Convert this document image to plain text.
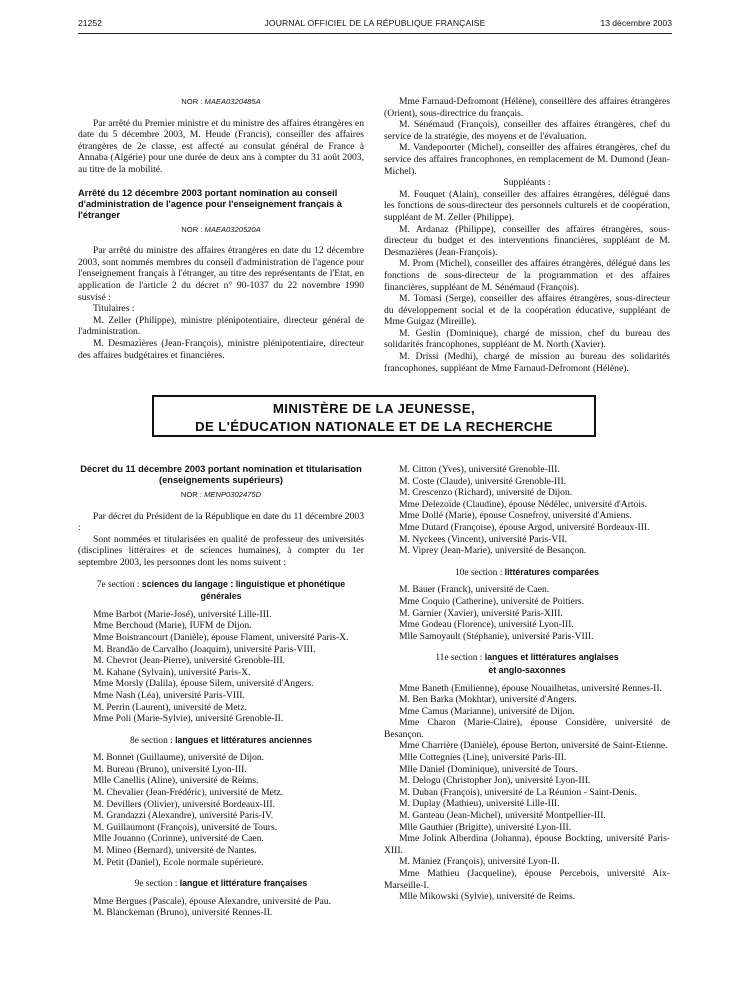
21252	JOURNAL OFFICIEL DE LA RÉPUBLIQUE FRANÇAISE	13 décembre 2003

NOR : MAEA0320485A

Par arrêté du Premier ministre et du ministre des affaires étrangères en date du 5 décembre 2003, M. Heude (Francis), conseiller des affaires étrangères de 2e classe, est affecté au consulat général de France à Annaba (Algérie) pour une durée de deux ans à compter du 31 août 2003, au titre de la mobilité.

Arrêté du 12 décembre 2003 portant nomination au conseil d'administration de l'agence pour l'enseignement français à l'étranger

NOR : MAEA0320520A

Par arrêté du ministre des affaires étrangères en date du 12 décembre 2003, sont nommés membres du conseil d'administration de l'agence pour l'enseignement français à l'étranger, au titre des représentants de l'Etat, en application de l'article 2 du décret n° 90-1037 du 22 novembre 1990 susvisé :

Titulaires :

M. Zeller (Philippe), ministre plénipotentiaire, directeur général de l'administration.

M. Desmazières (Jean-François), ministre plénipotentiaire, directeur des affaires budgétaires et financières.

Mme Farnaud-Defromont (Hélène), conseillère des affaires étrangères (Orient), sous-directrice du français.

M. Sénémaud (François), conseiller des affaires étrangères, chef du service de la stratégie, des moyens et de l'évaluation.

M. Vandepoorter (Michel), conseiller des affaires étrangères, chef du service des affaires francophones, en remplacement de M. Dumond (Jean-Michel).

Suppléants :

M. Fouquet (Alain), conseiller des affaires étrangères, délégué dans les fonctions de sous-directeur des personnels culturels et de coopération, suppléant de M. Zeller (Philippe).

M. Ardanaz (Philippe), conseiller des affaires étrangères, sous-directeur du budget et des interventions financières, suppléant de M. Desmazières (Jean-François).

M. Prom (Michel), conseiller des affaires étrangères, délégué dans les fonctions de sous-directeur de la programmation et des affaires financières, suppléant de M. Sénémaud (François).

M. Tomasi (Serge), conseiller des affaires étrangères, sous-directeur du développement social et de la coopération éducative, suppléant de Mme Guigaz (Mireille).

M. Geslin (Dominique), chargé de mission, chef du bureau des solidarités francophones, suppléant de M. North (Xavier).

M. Drissi (Medhi), chargé de mission au bureau des solidarités francophones, suppléant de Mme Farnaud-Defromont (Hélène).

MINISTÈRE DE LA JEUNESSE,
DE L'ÉDUCATION NATIONALE ET DE LA RECHERCHE

Décret du 11 décembre 2003 portant nomination et titularisation (enseignements supérieurs)

NOR : MENP0302475D

Par décret du Président de la République en date du 11 décembre 2003 :

Sont nommées et titularisées en qualité de professeur des universités (disciplines littéraires et de sciences humaines), à compter du 1er septembre 2003, les personnes dont les noms suivent :

7e section : sciences du langage : linguistique et phonétique générales

Mme Barbot (Marie-José), université Lille-III.

Mme Berchoud (Marie), IUFM de Dijon.

Mme Boistrancourt (Danièle), épouse Flament, université Paris-X.

M. Brandão de Carvalho (Joaquim), université Paris-VIII.

M. Chevrot (Jean-Pierre), université Grenoble-III.

M. Kahane (Sylvain), université Paris-X.

Mme Morsly (Dalila), épouse Silem, université d'Angers.

Mme Nash (Léa), université Paris-VIII.

M. Perrin (Laurent), université de Metz.

Mme Poli (Marie-Sylvie), université Grenoble-II.

8e section : langues et littératures anciennes

M. Bonnet (Guillaume), université de Dijon.

M. Bureau (Bruno), université Lyon-III.

Mlle Canellis (Aline), université de Reims.

M. Chevalier (Jean-Frédéric), université de Metz.

M. Devillers (Olivier), université Bordeaux-III.

M. Grandazzi (Alexandre), université Paris-IV.

M. Guillaumont (François), université de Tours.

Mlle Jouanno (Corinne), université de Caen.

M. Mineo (Bernard), université de Nantes.

M. Petit (Daniel), Ecole normale supérieure.

9e section : langue et littérature françaises

Mme Bergues (Pascale), épouse Alexandre, université de Pau.

M. Blanckeman (Bruno), université Rennes-II.

M. Citton (Yves), université Grenoble-III.

M. Coste (Claude), université Grenoble-III.

M. Crescenzo (Richard), université de Dijon.

Mme Delezoïde (Claudine), épouse Nédélec, université d'Artois.

Mme Dollé (Marie), épouse Cosnefroy, université d'Amiens.

Mme Dutard (Françoise), épouse Argod, université Bordeaux-III.

M. Nyckees (Vincent), université Paris-VII.

M. Viprey (Jean-Marie), université de Besançon.

10e section : littératures comparées

M. Bauer (Franck), université de Caen.

Mme Coquio (Catherine), université de Poitiers.

M. Garnier (Xavier), université Paris-XIII.

Mme Godeau (Florence), université Lyon-III.

Mlle Samoyault (Stéphanie), université Paris-VIII.

11e section : langues et littératures anglaises
et anglo-saxonnes

Mme Baneth (Emilienne), épouse Nouailhetas, université Rennes-II.

M. Ben Barka (Mokhtar), université d'Angers.

Mme Camus (Marianne), université de Dijon.

Mme Charon (Marie-Claire), épouse Considère, université de Besançon.

Mme Charrière (Danièle), épouse Berton, université de Saint-Etienne.

Mlle Cottegnies (Line), université Paris-III.

Mlle Daniel (Dominique), université de Tours.

M. Delogu (Christopher Jon), université Lyon-III.

M. Duban (François), université de La Réunion - Saint-Denis.

M. Duplay (Mathieu), université Lille-III.

M. Ganteau (Jean-Michel), université Montpellier-III.

Mlle Gauthier (Brigitte), université Lyon-III.

Mme Jolink Alberdina (Johanna), épouse Bockting, université Paris-XIII.

M. Maniez (François), université Lyon-II.

Mme Mathieu (Jacqueline), épouse Percebois, université Aix-Marseille-I.

Mlle Mikowski (Sylvie), université de Reims.
